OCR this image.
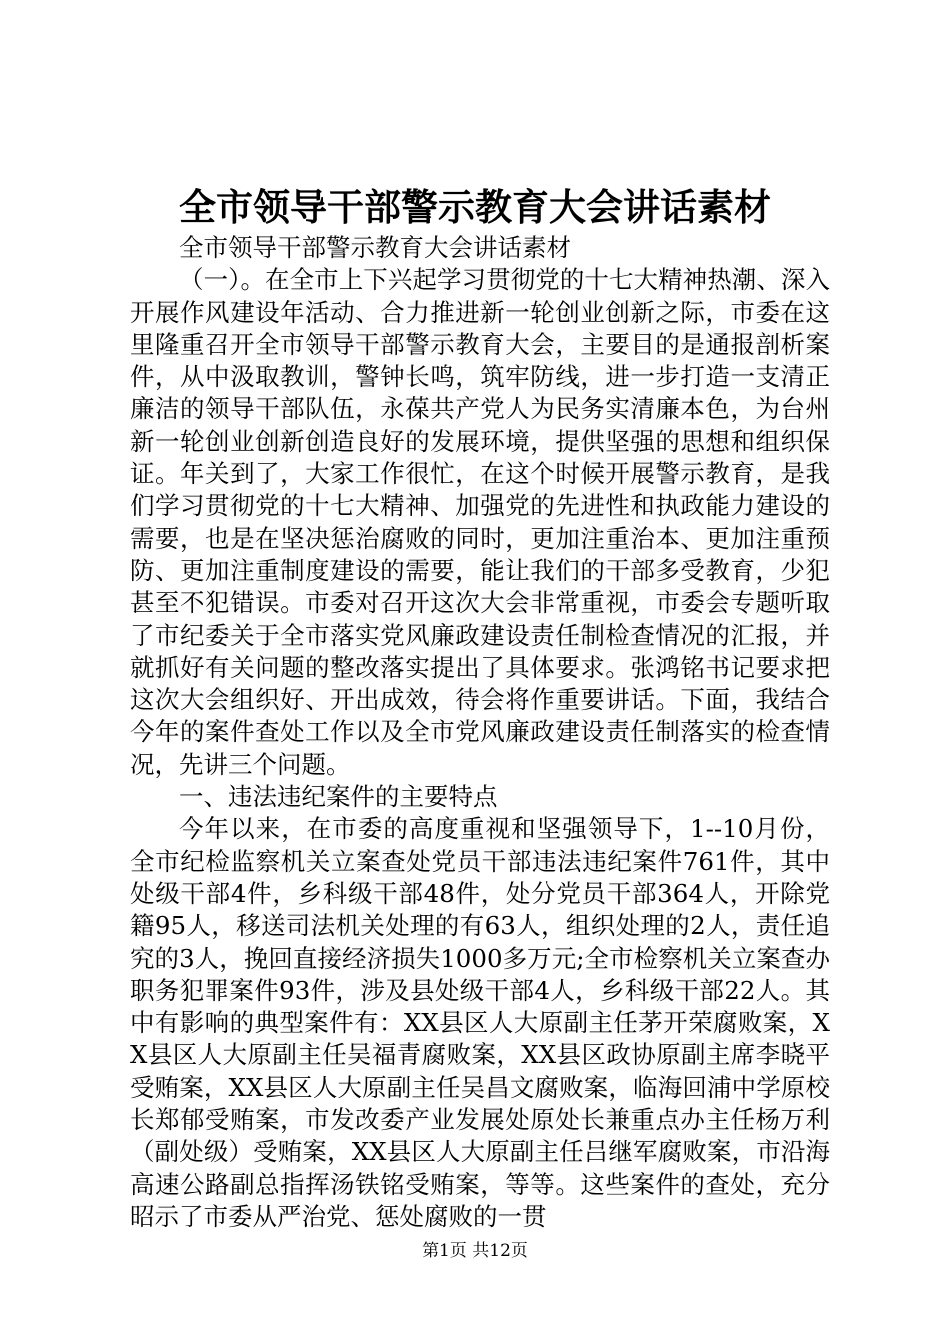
全市领导干部警示教育大会讲话素材

全市领导干部警示教育大会讲话素材

（一）。在全市上下兴起学习贯彻党的十七大精神热潮、深入开展作风建设年活动、合力推进新一轮创业创新之际，市委在这里隆重召开全市领导干部警示教育大会，主要目的是通报剖析案件，从中汲取教训，警钟长鸣，筑牢防线，进一步打造一支清正廉洁的领导干部队伍，永葆共产党人为民务实清廉本色，为台州新一轮创业创新创造良好的发展环境，提供坚强的思想和组织保证。年关到了，大家工作很忙，在这个时候开展警示教育，是我们学习贯彻党的十七大精神、加强党的先进性和执政能力建设的需要，也是在坚决惩治腐败的同时，更加注重治本、更加注重预防、更加注重制度建设的需要，能让我们的干部多受教育，少犯甚至不犯错误。市委对召开这次大会非常重视，市委会专题听取了市纪委关于全市落实党风廉政建设责任制检查情况的汇报，并就抓好有关问题的整改落实提出了具体要求。张鸿铭书记要求把这次大会组织好、开出成效，待会将作重要讲话。下面，我结合今年的案件查处工作以及全市党风廉政建设责任制落实的检查情况，先讲三个问题。

一、违法违纪案件的主要特点

今年以来，在市委的高度重视和坚强领导下，1--10月份，全市纪检监察机关立案查处党员干部违法违纪案件761件，其中处级干部4件，乡科级干部48件，处分党员干部364人，开除党籍95人，移送司法机关处理的有63人，组织处理的2人，责任追究的3人，挽回直接经济损失1000多万元;全市检察机关立案查办职务犯罪案件93件，涉及县处级干部4人，乡科级干部22人。其中有影响的典型案件有：XX县区人大原副主任茅开荣腐败案，XX县区人大原副主任吴福青腐败案，XX县区政协原副主席李晓平受贿案，XX县区人大原副主任吴昌文腐败案，临海回浦中学原校长郑郁受贿案，市发改委产业发展处原处长兼重点办主任杨万利（副处级）受贿案，XX县区人大原副主任吕继军腐败案，市沿海高速公路副总指挥汤铁铭受贿案，等等。这些案件的查处，充分昭示了市委从严治党、惩处腐败的一贯

第1页 共12页
